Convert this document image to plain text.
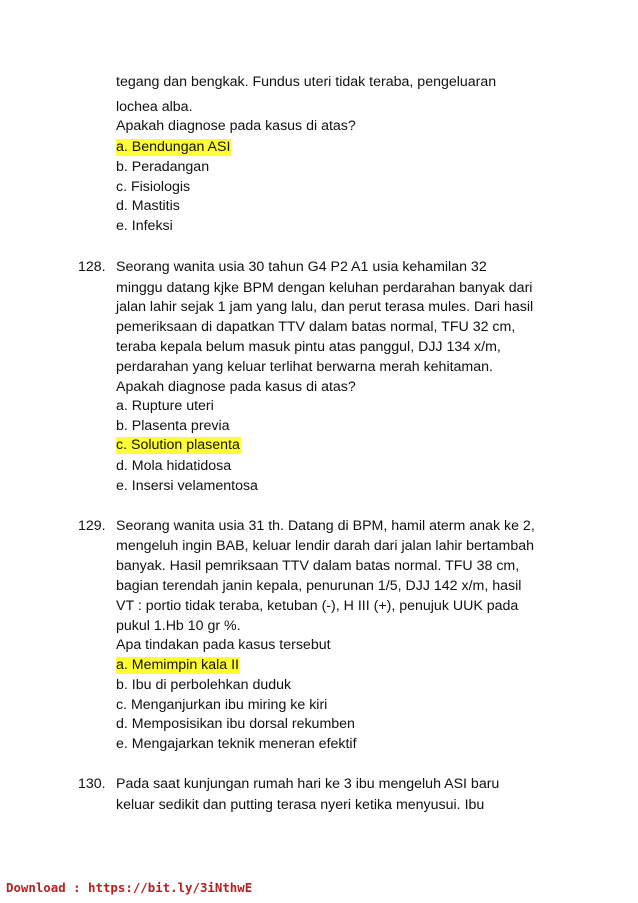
tegang dan bengkak. Fundus uteri tidak teraba, pengeluaran
lochea alba.
Apakah diagnose pada kasus di atas?
a. Bendungan ASI
b. Peradangan
c. Fisiologis
d. Mastitis
e. Infeksi
128. Seorang wanita usia 30 tahun G4 P2 A1 usia kehamilan 32
minggu datang kjke BPM dengan keluhan perdarahan banyak dari
jalan lahir sejak 1 jam yang lalu, dan perut terasa mules. Dari hasil
pemeriksaan di dapatkan TTV dalam batas normal, TFU 32 cm,
teraba kepala belum masuk pintu atas panggul, DJJ 134 x/m,
perdarahan yang keluar terlihat berwarna merah kehitaman.
Apakah diagnose pada kasus di atas?
a. Rupture uteri
b. Plasenta previa
c. Solution plasenta
d. Mola hidatidosa
e. Insersi velamentosa
129. Seorang wanita usia 31 th. Datang di BPM, hamil aterm anak ke 2,
mengeluh ingin BAB, keluar lendir darah dari jalan lahir bertambah
banyak. Hasil pemriksaan TTV dalam batas normal. TFU 38 cm,
bagian terendah janin kepala, penurunan 1/5, DJJ 142 x/m, hasil
VT : portio tidak teraba, ketuban (-), H III (+), penujuk UUK pada
pukul 1.Hb 10 gr %.
Apa tindakan pada kasus tersebut
a. Memimpin kala II
b. Ibu di perbolehkan duduk
c. Menganjurkan ibu miring ke kiri
d. Memposisikan ibu dorsal rekumben
e. Mengajarkan teknik meneran efektif
130. Pada saat kunjungan rumah hari ke 3 ibu mengeluh ASI baru
keluar sedikit dan putting terasa nyeri ketika menyusui. Ibu
Download : https://bit.ly/3iNthwE
